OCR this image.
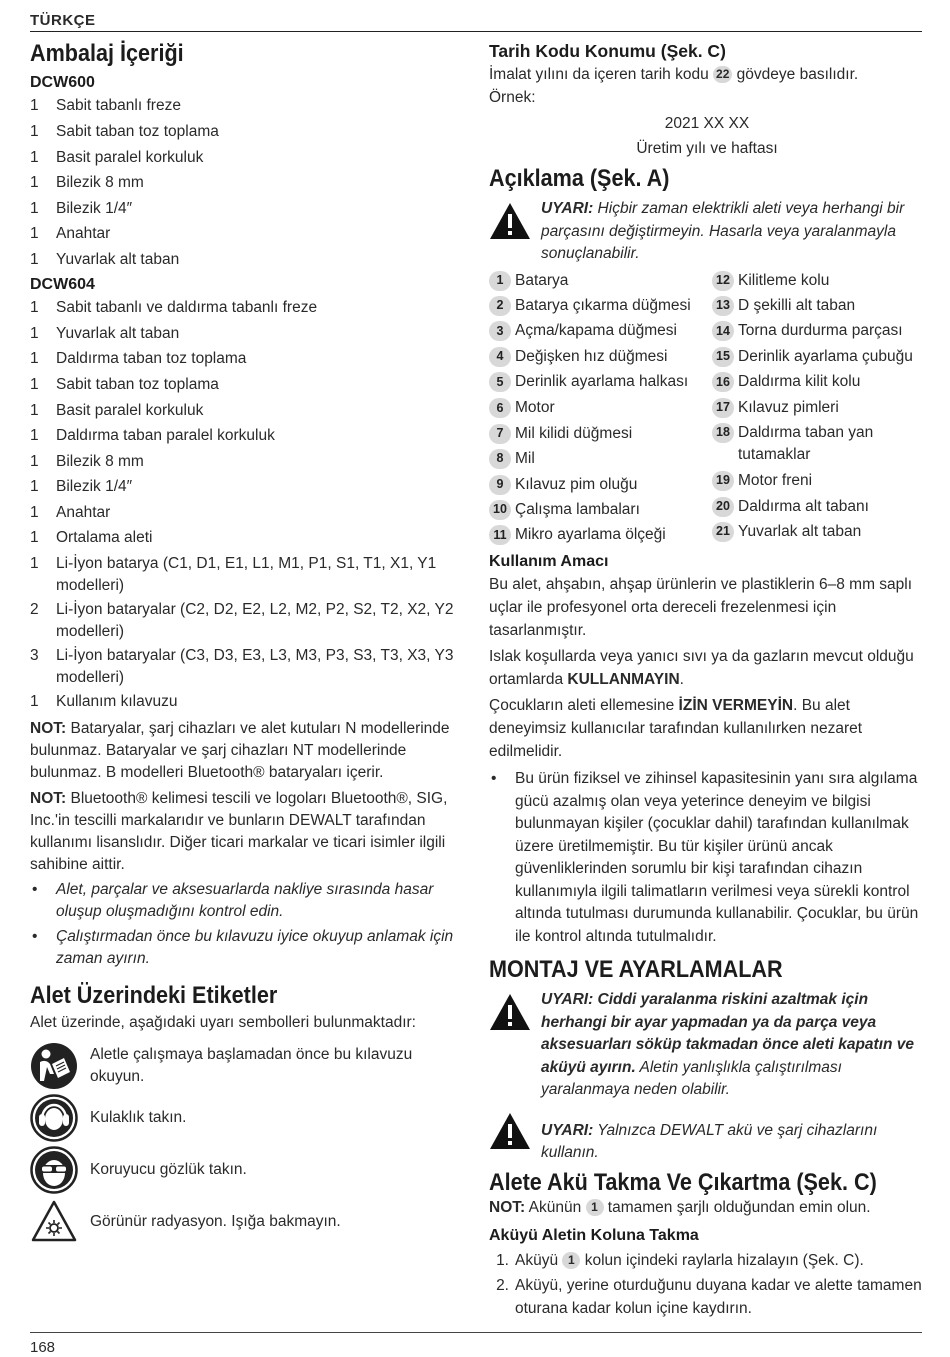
TÜRKÇE
Ambalaj İçeriği
DCW600
1	Sabit tabanlı freze
1	Sabit taban toz toplama
1	Basit paralel korkuluk
1	Bilezik 8 mm
1	Bilezik 1/4″
1	Anahtar
1	Yuvarlak alt taban
DCW604
1	Sabit tabanlı ve daldırma tabanlı freze
1	Yuvarlak alt taban
1	Daldırma taban toz toplama
1	Sabit taban toz toplama
1	Basit paralel korkuluk
1	Daldırma taban paralel korkuluk
1	Bilezik 8 mm
1	Bilezik 1/4″
1	Anahtar
1	Ortalama aleti
1	Li-İyon batarya (C1, D1, E1, L1, M1, P1, S1, T1, X1, Y1 modelleri)
2	Li-İyon bataryalar (C2, D2, E2, L2, M2, P2, S2, T2, X2, Y2 modelleri)
3	Li-İyon bataryalar (C3, D3, E3, L3, M3, P3, S3, T3, X3, Y3 modelleri)
1	Kullanım kılavuzu

NOT: Bataryalar, şarj cihazları ve alet kutuları N modellerinde bulunmaz. Bataryalar ve şarj cihazları NT modellerinde bulunmaz. B modelleri Bluetooth® bataryaları içerir.

NOT: Bluetooth® kelimesi tescili ve logoları Bluetooth®, SIG, Inc.'in tescilli markalarıdır ve bunların DEWALT tarafından kullanımı lisanslıdır. Diğer ticari markalar ve ticari isimler ilgili sahibine aittir.

• Alet, parçalar ve aksesuarlarda nakliye sırasında hasar oluşup oluşmadığını kontrol edin.
• Çalıştırmadan önce bu kılavuzu iyice okuyup anlamak için zaman ayırın.
Alet Üzerindeki Etiketler

Alet üzerinde, aşağıdaki uyarı sembolleri bulunmaktadır:

Aletle çalışmaya başlamadan önce bu kılavuzu okuyun.
Kulaklık takın.
Koruyucu gözlük takın.
Görünür radyasyon. Işığa bakmayın.
Tarih Kodu Konumu (Şek. C)

İmalat yılını da içeren tarih kodu 22 gövdeye basılıdır.

Örnek:

2021 XX XX

Üretim yılı ve haftası

Açıklama (Şek. A)
UYARI: Hiçbir zaman elektrikli aleti veya herhangi bir parçasını değiştirmeyin. Hasarla veya yaralanmayla sonuçlanabilir.
1 Batarya
2 Batarya çıkarma düğmesi
3 Açma/kapama düğmesi
4 Değişken hız düğmesi
5 Derinlik ayarlama halkası
6 Motor
7 Mil kilidi düğmesi
8 Mil
9 Kılavuz pim oluğu
10 Çalışma lambaları
11 Mikro ayarlama ölçeği
12 Kilitleme kolu
13 D şekilli alt taban
14 Torna durdurma parçası
15 Derinlik ayarlama çubuğu
16 Daldırma kilit kolu
17 Kılavuz pimleri
18 Daldırma taban yan tutamaklar
19 Motor freni
20 Daldırma alt tabanı
21 Yuvarlak alt taban
Kullanım Amacı

Bu alet, ahşabın, ahşap ürünlerin ve plastiklerin 6–8 mm saplı uçlar ile profesyonel orta dereceli frezelenmesi için tasarlanmıştır.

Islak koşullarda veya yanıcı sıvı ya da gazların mevcut olduğu ortamlarda KULLANMAYIN.

Çocukların aleti ellemesine İZİN VERMEYİN. Bu alet deneyimsiz kullanıcılar tarafından kullanılırken nezaret edilmelidir.

• Bu ürün fiziksel ve zihinsel kapasitesinin yanı sıra algılama gücü azalmış olan veya yeterince deneyim ve bilgisi bulunmayan kişiler (çocuklar dahil) tarafından kullanılmak üzere üretilmemiştir. Bu tür kişiler ürünü ancak güvenliklerinden sorumlu bir kişi tarafından cihazın kullanımıyla ilgili talimatların verilmesi veya sürekli kontrol altında tutulması durumunda kullanabilir. Çocuklar, bu ürün ile kontrol altında tutulmalıdır.
MONTAJ VE AYARLAMALAR
UYARI: Ciddi yaralanma riskini azaltmak için herhangi bir ayar yapmadan ya da parça veya aksesuarları söküp takmadan önce aleti kapatın ve aküyü ayırın. Aletin yanlışlıkla çalıştırılması yaralanmaya neden olabilir.
UYARI: Yalnızca DEWALT akü ve şarj cihazlarını kullanın.
Alete Akü Takma Ve Çıkartma (Şek. C)

NOT: Akünün 1 tamamen şarjlı olduğundan emin olun.

Aküyü Aletin Koluna Takma
1. Aküyü 1 kolun içindeki raylarla hizalayın (Şek. C).
2. Aküyü, yerine oturduğunu duyana kadar ve alette tamamen oturana kadar kolun içine kaydırın.
168
